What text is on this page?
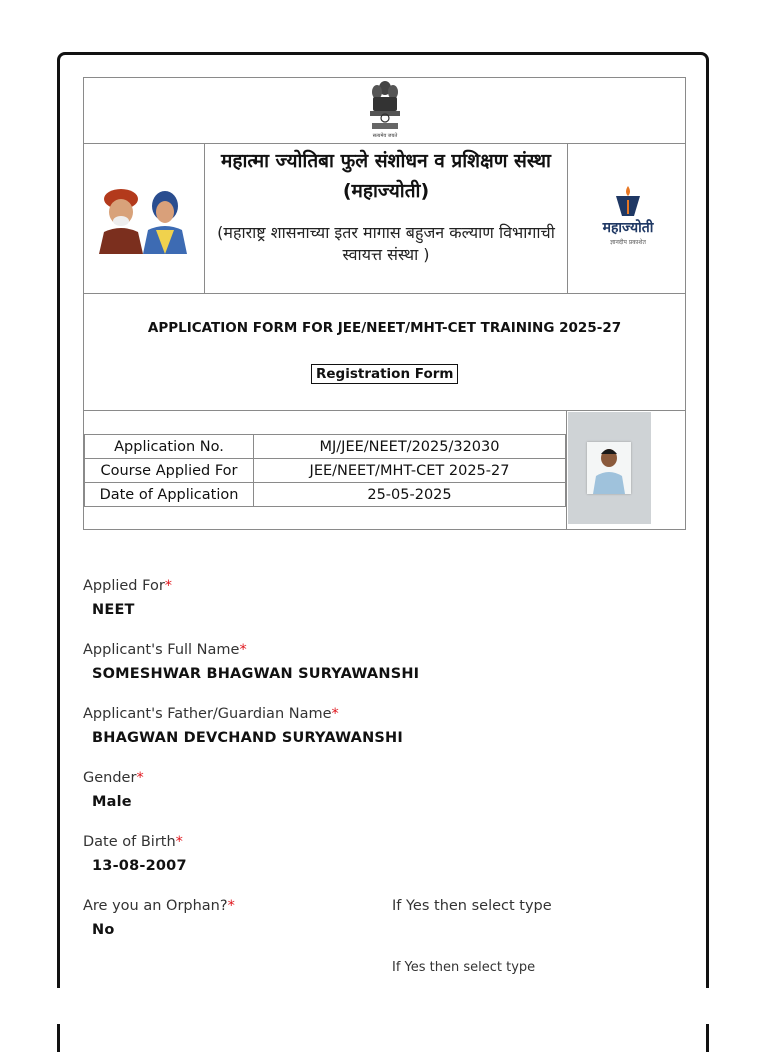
सत्यमेव जयते
महात्मा ज्योतिबा फुले संशोधन व प्रशिक्षण संस्था (महाज्योती)
(महाराष्ट्र शासनाच्या इतर मागास बहुजन कल्याण विभागाची स्वायत्त संस्था )
महाज्योती
ज्ञानदीप प्रकाशेत
APPLICATION FORM FOR JEE/NEET/MHT-CET TRAINING 2025-27
Registration Form
Application No.	MJ/JEE/NEET/2025/32030
Course Applied For	JEE/NEET/MHT-CET 2025-27
Date of Application	25-05-2025
Applied For*
NEET
Applicant's Full Name*
SOMESHWAR BHAGWAN SURYAWANSHI
Applicant's Father/Guardian Name*
BHAGWAN DEVCHAND SURYAWANSHI
Gender*
Male
Date of Birth*
13-08-2007
Are you an Orphan?*
No
If Yes then select type
If Yes then select type
